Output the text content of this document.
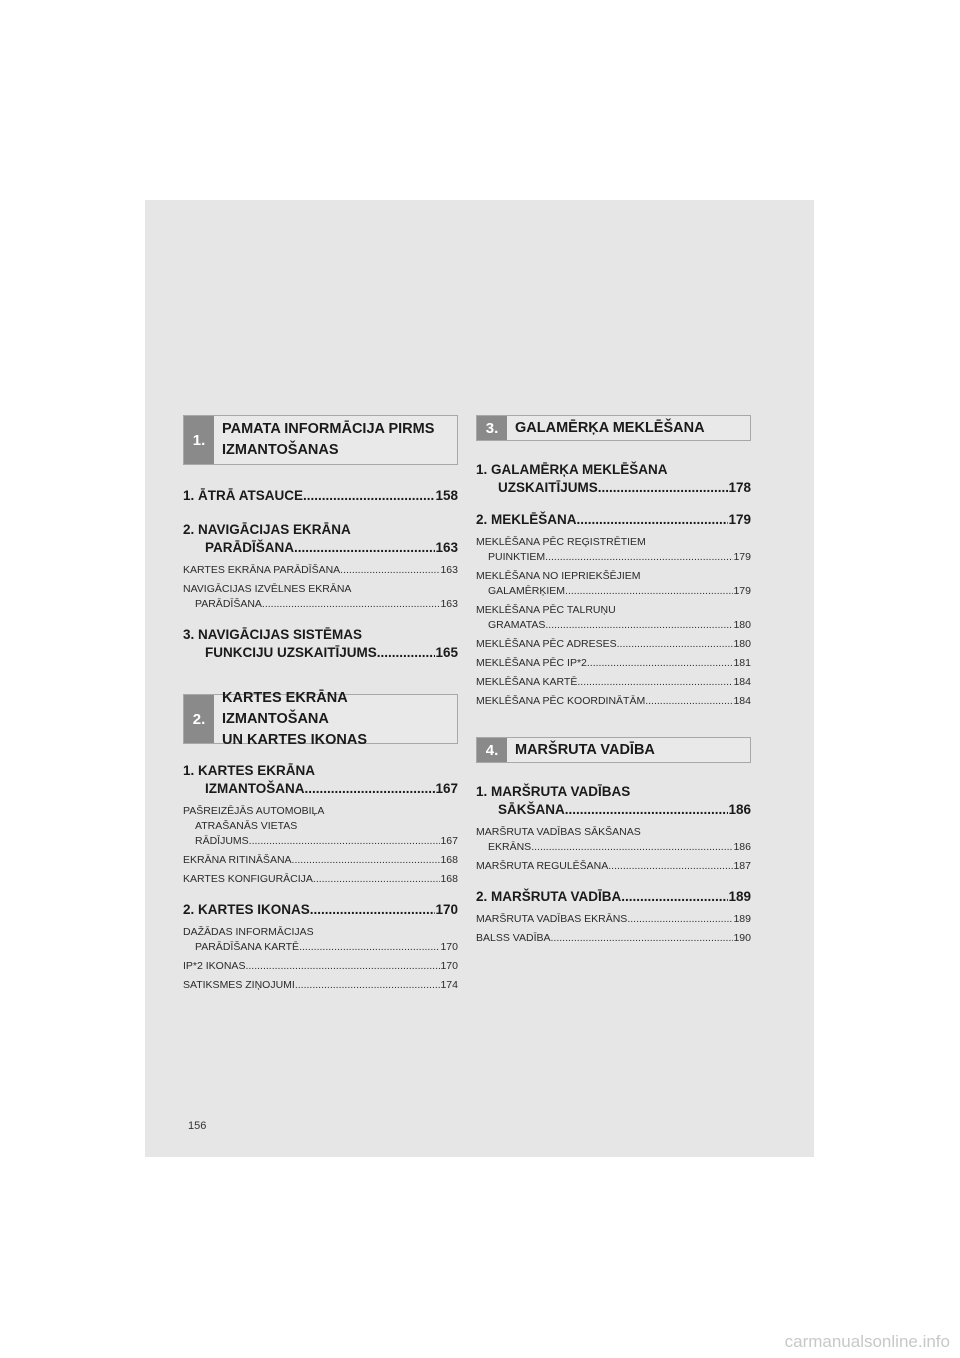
1.
PAMATA INFORMĀCIJA PIRMS
IZMANTOŠANAS
1. ĀTRĀ ATSAUCE .....	158
2. NAVIGĀCIJAS EKRĀNA
PARĀDĪŠANA .....	163
KARTES EKRĀNA PARĀDĪŠANA .....	163
NAVIGĀCIJAS IZVĒLNES EKRĀNA
PARĀDĪŠANA .....	163
3. NAVIGĀCIJAS SISTĒMAS
FUNKCIJU UZSKAITĪJUMS .....	165
2.
KARTES EKRĀNA IZMANTOŠANA
UN KARTES IKONAS
1. KARTES EKRĀNA
IZMANTOŠANA .....	167
PAŠREIZĒJĀS AUTOMOBIĻA
ATRAŠANĀS VIETAS
RĀDĪJUMS .....	167
EKRĀNA RITINĀŠANA .....	168
KARTES KONFIGURĀCIJA .....	168
2. KARTES IKONAS .....	170
DAŽĀDAS INFORMĀCIJAS
PARĀDĪŠANA KARTĒ .....	170
IP*2 IKONAS .....	170
SATIKSMES ZIŅOJUMI .....	174
3.	GALAMĒRĶA MEKLĒŠANA
1. GALAMĒRĶA MEKLĒŠANA
UZSKAITĪJUMS .....	178
2. MEKLĒŠANA .....	179
MEKLĒŠANA PĒC REĢISTRĒTIEM
PUINKTIEM .....	179
MEKLĒŠANA NO IEPRIEKŠĒJIEM
GALAMĒRĶIEM .....	179
MEKLĒŠANA PĒC TALRUŅU
GRAMATAS .....	180
MEKLĒŠANA PĒC ADRESES .....	180
MEKLĒŠANA PĒC IP*2 .....	181
MEKLĒŠANA KARTĒ .....	184
MEKLĒŠANA PĒC KOORDINĀTĀM .....	184
4.	MARŠRUTA VADĪBA
1. MARŠRUTA VADĪBAS
SĀKŠANA .....	186
MARŠRUTA VADĪBAS SĀKŠANAS
EKRĀNS .....	186
MARŠRUTA REGULĒŠANA .....	187
2. MARŠRUTA VADĪBA .....	189
MARŠRUTA VADĪBAS EKRĀNS .....	189
BALSS VADĪBA .....	190
156
carmanualsonline.info
